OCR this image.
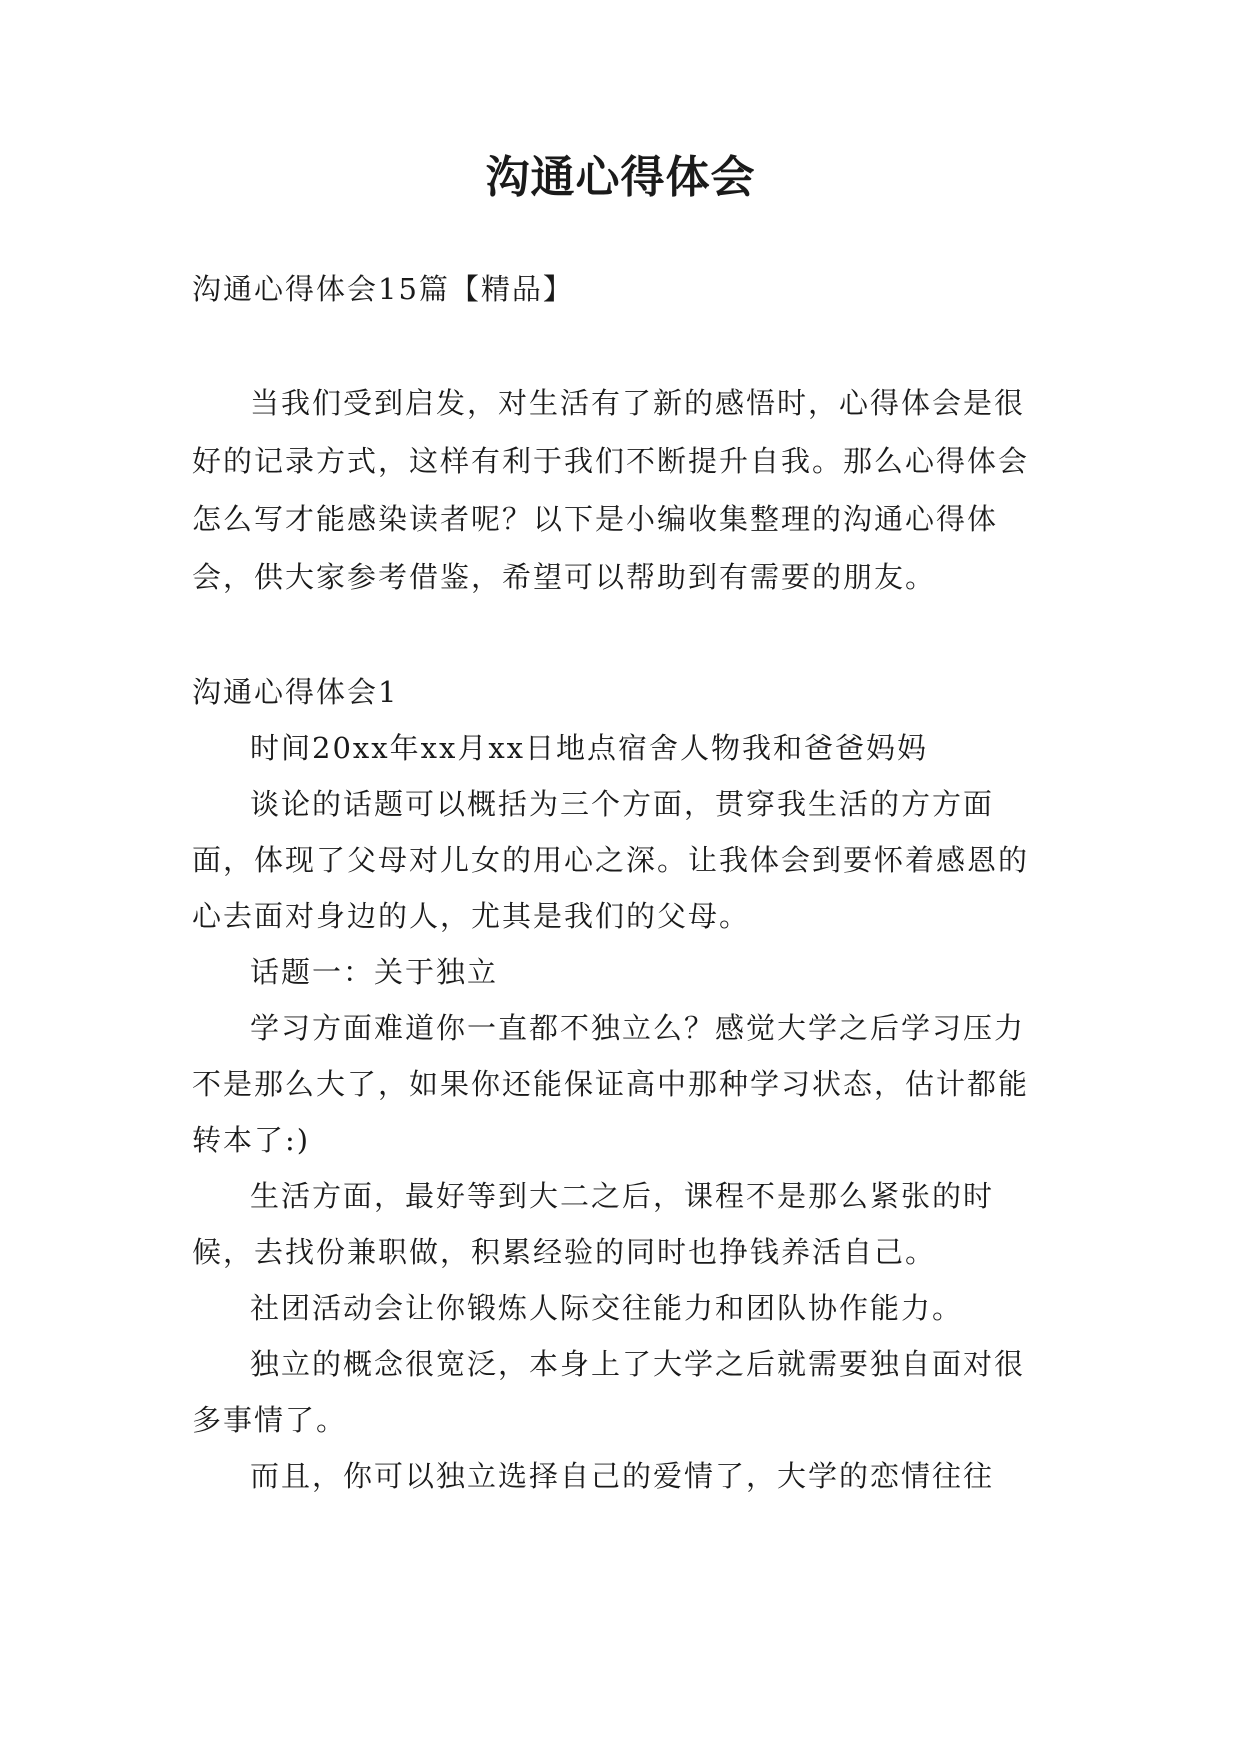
沟通心得体会

沟通心得体会15篇【精品】

当我们受到启发，对生活有了新的感悟时，心得体会是很好的记录方式，这样有利于我们不断提升自我。那么心得体会怎么写才能感染读者呢？以下是小编收集整理的沟通心得体会，供大家参考借鉴，希望可以帮助到有需要的朋友。

沟通心得体会1

时间20xx年xx月xx日地点宿舍人物我和爸爸妈妈

谈论的话题可以概括为三个方面，贯穿我生活的方方面面，体现了父母对儿女的用心之深。让我体会到要怀着感恩的心去面对身边的人，尤其是我们的父母。

话题一：关于独立

学习方面难道你一直都不独立么？感觉大学之后学习压力不是那么大了，如果你还能保证高中那种学习状态，估计都能转本了:)

生活方面，最好等到大二之后，课程不是那么紧张的时候，去找份兼职做，积累经验的同时也挣钱养活自己。

社团活动会让你锻炼人际交往能力和团队协作能力。

独立的概念很宽泛，本身上了大学之后就需要独自面对很多事情了。

而且，你可以独立选择自己的爱情了，大学的恋情往往
